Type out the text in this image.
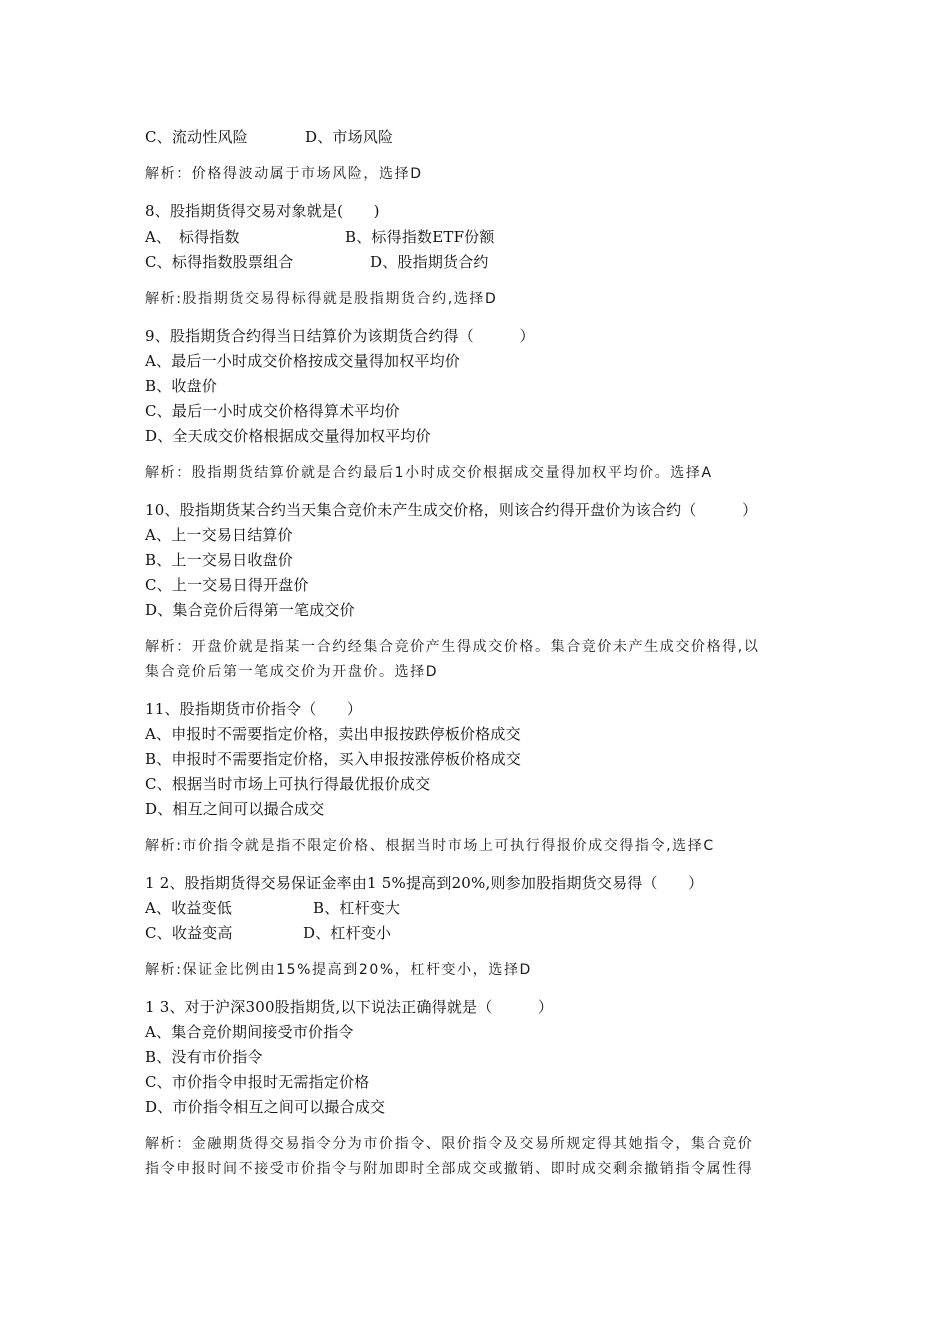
C、流动性风险	D、市场风险
解析：价格得波动属于市场风险，选择D
8、股指期货得交易对象就是(　　)
A、　标得指数	B、标得指数ETF份额
C、标得指数股票组合	D、股指期货合约
解析:股指期货交易得标得就是股指期货合约,选择D
9、股指期货合约得当日结算价为该期货合约得（　　　）
A、最后一小时成交价格按成交量得加权平均价
B、收盘价
C、最后一小时成交价格得算术平均价
D、全天成交价格根据成交量得加权平均价
解析：股指期货结算价就是合约最后1小时成交价根据成交量得加权平均价。选择A
10、股指期货某合约当天集合竞价未产生成交价格，则该合约得开盘价为该合约（　　　）
A、上一交易日结算价
B、上一交易日收盘价
C、上一交易日得开盘价
D、集合竞价后得第一笔成交价
解析：开盘价就是指某一合约经集合竞价产生得成交价格。集合竞价未产生成交价格得,以
集合竞价后第一笔成交价为开盘价。选择D
11、股指期货市价指令（　　）
A、申报时不需要指定价格，卖出申报按跌停板价格成交
B、申报时不需要指定价格，买入申报按涨停板价格成交
C、根据当时市场上可执行得最优报价成交
D、相互之间可以撮合成交
解析:市价指令就是指不限定价格、根据当时市场上可执行得报价成交得指令,选择C
1 2、股指期货得交易保证金率由1 5%提高到20%,则参加股指期货交易得（　　）
A、收益变低	B、杠杆变大
C、收益变高	D、杠杆变小
解析:保证金比例由15%提高到20%，杠杆变小，选择D
1 3、对于沪深300股指期货,以下说法正确得就是（　　　）
A、集合竞价期间接受市价指令
B、没有市价指令
C、市价指令申报时无需指定价格
D、市价指令相互之间可以撮合成交
解析：金融期货得交易指令分为市价指令、限价指令及交易所规定得其她指令，集合竞价
指令申报时间不接受市价指令与附加即时全部成交或撤销、即时成交剩余撤销指令属性得
